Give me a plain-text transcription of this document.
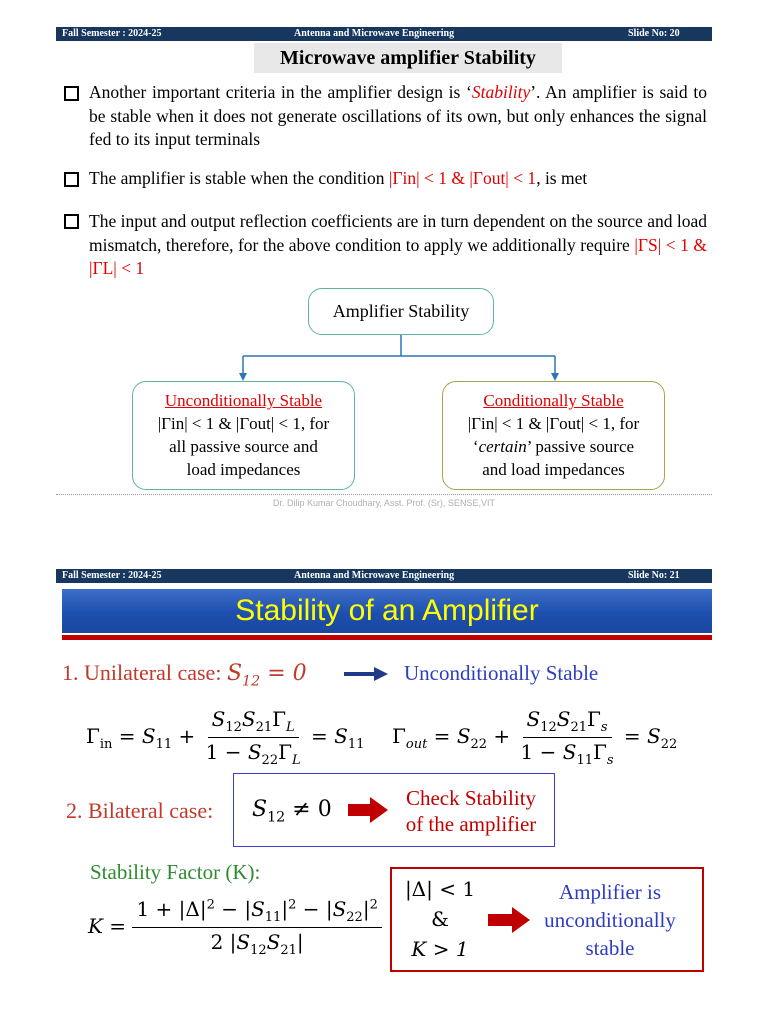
Fall Semester : 2024-25	Antenna and Microwave Engineering	Slide No: 20
Microwave amplifier Stability
Another important criteria in the amplifier design is ‘Stability’. An amplifier is said to be stable when it does not generate oscillations of its own, but only enhances the signal fed to its input terminals
The amplifier is stable when the condition |Γin| < 1 & |Γout| < 1, is met
The input and output reflection coefficients are in turn dependent on the source and load mismatch, therefore, for the above condition to apply we additionally require |ΓS| < 1 & |ΓL| < 1
Amplifier Stability
Unconditionally Stable
|Γin| < 1 & |Γout| < 1, for
all passive source and
load impedances
Conditionally Stable
|Γin| < 1 & |Γout| < 1, for
‘certain’ passive source
and load impedances
Dr. Dilip Kumar Choudhary, Asst. Prof. (Sr), SENSE,VIT
Fall Semester : 2024-25	Antenna and Microwave Engineering	Slide No: 21
Stability of an Amplifier
1. Unilateral case: $S_{12} = 0$	Unconditionally Stable
$\Gamma_{in} = S_{11} + \frac{S_{12}S_{21}\Gamma_L}{1 - S_{22}\Gamma_L} = S_{11}$ $\Gamma_{out} = S_{22} + \frac{S_{12}S_{21}\Gamma_s}{1 - S_{11}\Gamma_s} = S_{22}$
2. Bilateral case: $S_{12} \ne 0$	Check Stability
of the amplifier
Stability Factor (K):
$K = \frac{1 + |\Delta|^2 - |S_{11}|^2 - |S_{22}|^2}{2 |S_{12}S_{21}|}$
|Δ| < 1
&
K > 1
Amplifier is
unconditionally
stable
